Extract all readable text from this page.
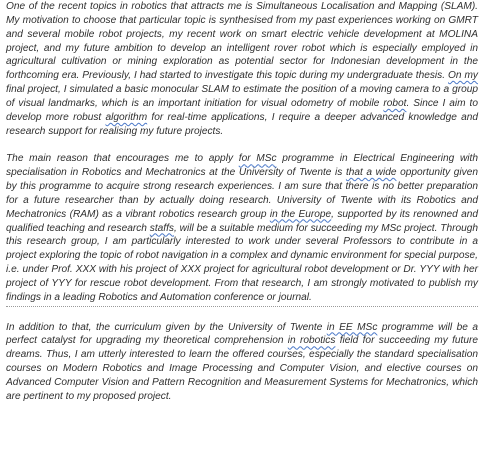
One of the recent topics in robotics that attracts me is Simultaneous Localisation and Mapping (SLAM). My motivation to choose that particular topic is synthesised from my past experiences working on GMRT and several mobile robot projects, my recent work on smart electric vehicle development at MOLINA project, and my future ambition to develop an intelligent rover robot which is especially employed in agricultural cultivation or mining exploration as potential sector for Indonesian development in the forthcoming era. Previously, I had started to investigate this topic during my undergraduate thesis. On my final project, I simulated a basic monocular SLAM to estimate the position of a moving camera to a group of visual landmarks, which is an important initiation for visual odometry of mobile robot. Since I aim to develop more robust algorithm for real-time applications, I require a deeper advanced knowledge and research support for realising my future projects.

The main reason that encourages me to apply for MSc programme in Electrical Engineering with specialisation in Robotics and Mechatronics at the University of Twente is that a wide opportunity given by this programme to acquire strong research experiences. I am sure that there is no better preparation for a future researcher than by actually doing research. University of Twente with its Robotics and Mechatronics (RAM) as a vibrant robotics research group in the Europe, supported by its renowned and qualified teaching and research staffs, will be a suitable medium for succeeding my MSc project. Through this research group, I am particularly interested to work under several Professors to contribute in a project exploring the topic of robot navigation in a complex and dynamic environment for special purpose, i.e. under Prof. XXX with his project of XXX project for agricultural robot development or Dr. YYY with her project of YYY for rescue robot development. From that research, I am strongly motivated to publish my findings in a leading Robotics and Automation conference or journal.

In addition to that, the curriculum given by the University of Twente in EE MSc programme will be a perfect catalyst for upgrading my theoretical comprehension in robotics field for succeeding my future dreams. Thus, I am utterly interested to learn the offered courses, especially the standard specialisation courses on Modern Robotics and Image Processing and Computer Vision, and elective courses on Advanced Computer Vision and Pattern Recognition and Measurement Systems for Mechatronics, which are pertinent to my proposed project.
